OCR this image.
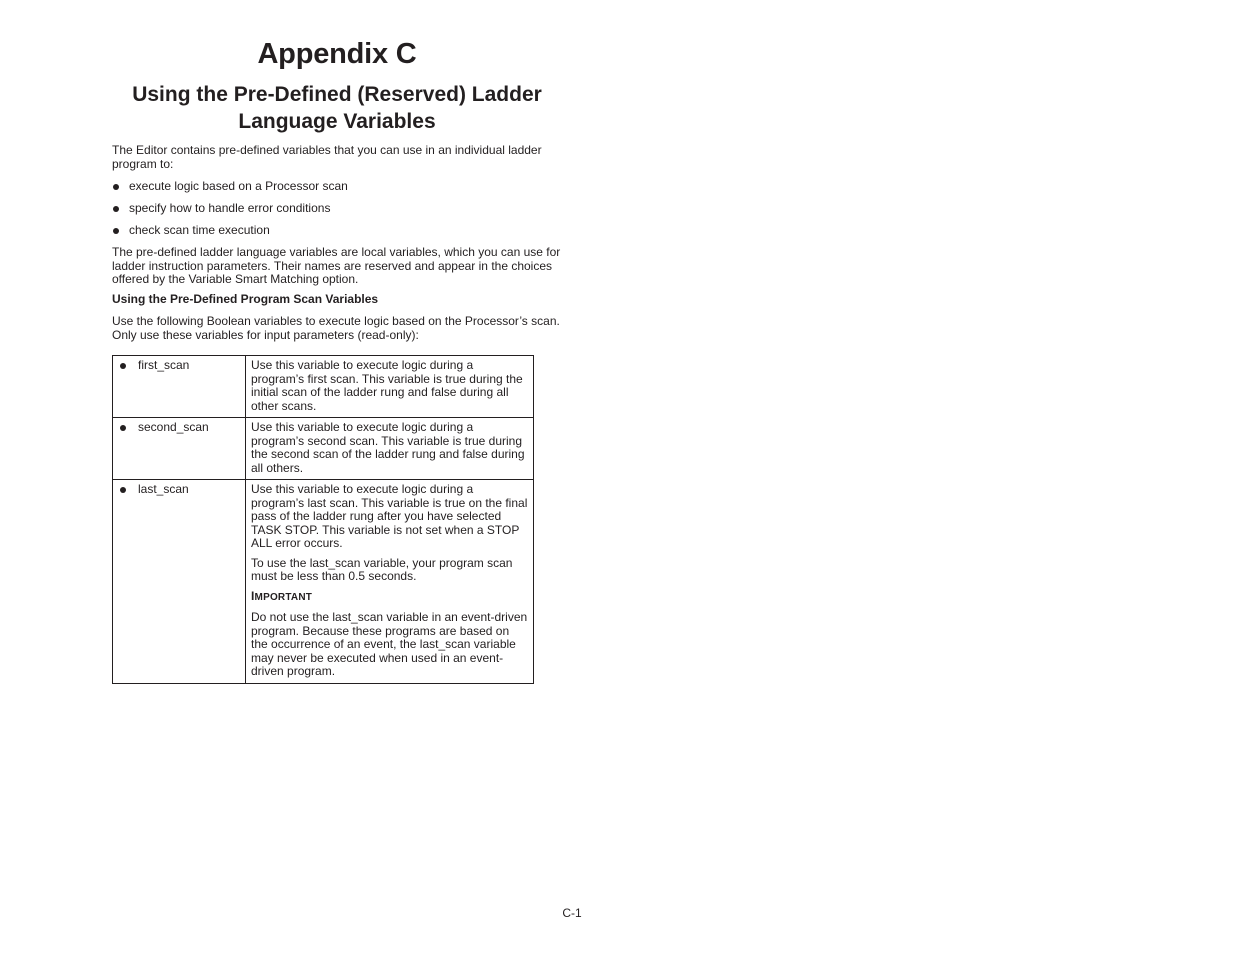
Appendix C
Using the Pre-Defined (Reserved) Ladder Language Variables

The Editor contains pre-defined variables that you can use in an individual ladder program to:

execute logic based on a Processor scan
specify how to handle error conditions
check scan time execution

The pre-defined ladder language variables are local variables, which you can use for ladder instruction parameters. Their names are reserved and appear in the choices offered by the Variable Smart Matching option.

Using the Pre-Defined Program Scan Variables

Use the following Boolean variables to execute logic based on the Processor’s scan. Only use these variables for input parameters (read-only):

first_scan	Use this variable to execute logic during a program’s first scan. This variable is true during the initial scan of the ladder rung and false during all other scans.

second_scan	Use this variable to execute logic during a program’s second scan. This variable is true during the second scan of the ladder rung and false during all others.

last_scan	Use this variable to execute logic during a program’s last scan. This variable is true on the final pass of the ladder rung after you have selected TASK STOP. This variable is not set when a STOP ALL error occurs.

To use the last_scan variable, your program scan must be less than 0.5 seconds.

IMPORTANT

Do not use the last_scan variable in an event-driven program. Because these programs are based on the occurrence of an event, the last_scan variable may never be executed when used in an event-driven program.

C-1
